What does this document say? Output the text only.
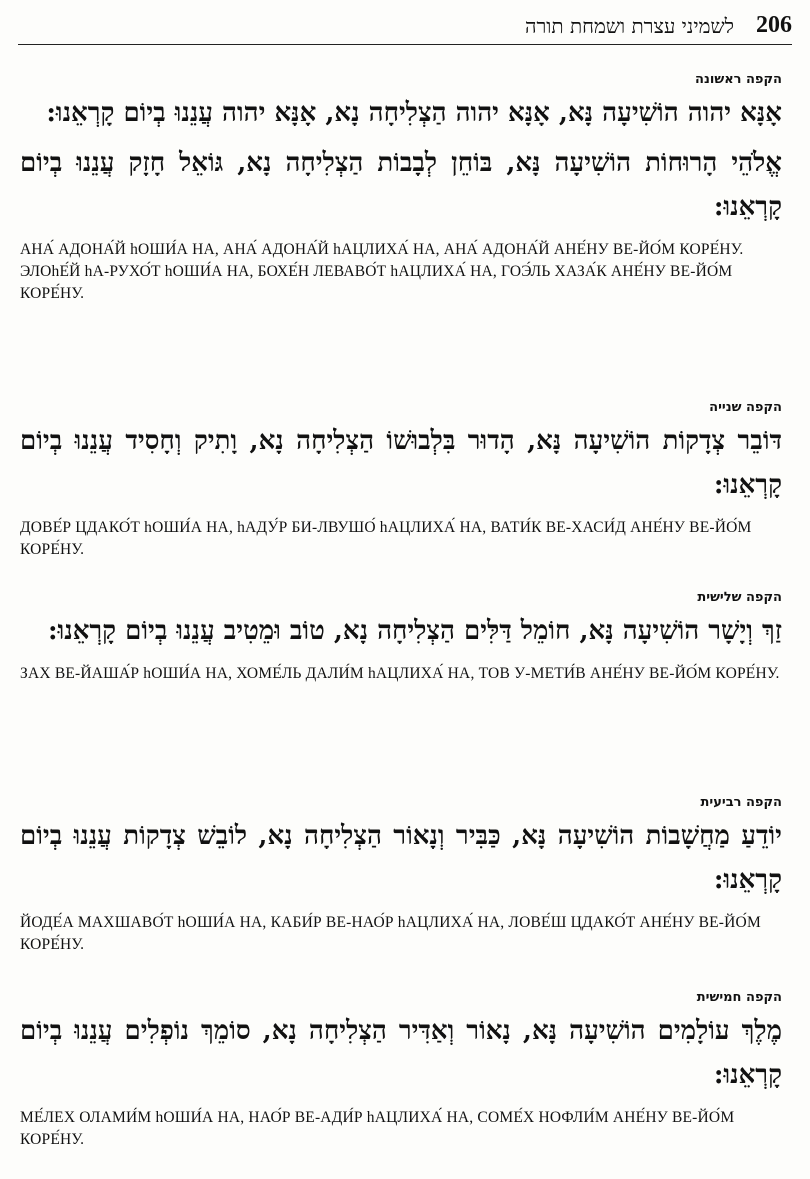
206
לשמיני עצרת ושמחת תורה
הקפה ראשונה
אָנָּא יהוה הוֹשִׁיעָה נָּא, אָנָּא יהוה הַצְלִיחָה נָא, אָנָּא יהוה עֲנֵנוּ בְיוֹם קָרְאֵנוּ:
אֱלֹהֵי הָרוּחוֹת הוֹשִׁיעָה נָּא, בּוֹחֵן לְבָבוֹת הַצְלִיחָה נָא, גּוֹאֵל חָזָק עֲנֵנוּ בְיוֹם קָרְאֵנוּ:
АНА́ АДОНА́Й hОШИ́А НА, АНА́ АДОНА́Й hАЦЛИХА́ НА, АНА́ АДОНА́Й АНЕ́НУ ВЕ-ЙО́М КОРЕ́НУ.
ЭЛОhЕ́Й hА-РУХО́Т hОШИ́А НА, БОХЕ́Н ЛЕВАВО́Т hАЦЛИХА́ НА, ГОЭ́ЛЬ ХАЗА́К АНЕ́НУ ВЕ-ЙО́М КОРЕ́НУ.
הקפה שנייה
דּוֹבֵר צְדָקוֹת הוֹשִׁיעָה נָּא, הָדוּר בִּלְבוּשׁוֹ הַצְלִיחָה נָא, וָתִיק וְחָסִיד עֲנֵנוּ בְיוֹם קָרְאֵנוּ:
ДОВЕ́Р ЦДАКО́Т hОШИ́А НА, hАДУ́Р БИ-ЛВУШО́ hАЦЛИХА́ НА, ВАТИ́К ВЕ-ХАСИ́Д АНЕ́НУ ВЕ-ЙО́М КОРЕ́НУ.
הקפה שלישית
זַךְ וְיָשָׁר הוֹשִׁיעָה נָּא, חוֹמֵל דַּלִּים הַצְלִיחָה נָא, טוֹב וּמֵטִיב עֲנֵנוּ בְיוֹם קָרְאֵנוּ:
ЗАХ ВЕ-ЙАША́Р hОШИ́А НА, ХОМЕ́ЛЬ ДАЛИ́М hАЦЛИХА́ НА, ТОВ У-МЕТИ́В АНЕ́НУ ВЕ-ЙО́М КОРЕ́НУ.
הקפה רביעית
יוֹדֵעַ מַחֲשָׁבוֹת הוֹשִׁיעָה נָּא, כַּבִּיר וְנָאוֹר הַצְלִיחָה נָא, לוֹבֵשׁ צְדָקוֹת עֲנֵנוּ בְיוֹם קָרְאֵנוּ:
ЙОДЕ́А МАХШАВО́Т hОШИ́А НА, КАБИ́Р ВЕ-НАО́Р hАЦЛИХА́ НА, ЛОВЕ́Ш ЦДАКО́Т АНЕ́НУ ВЕ-ЙО́М КОРЕ́НУ.
הקפה חמישית
מֶלֶךְ עוֹלָמִים הוֹשִׁיעָה נָּא, נָאוֹר וְאַדִּיר הַצְלִיחָה נָא, סוֹמֵךְ נוֹפְלִים עֲנֵנוּ בְיוֹם קָרְאֵנוּ:
МЕ́ЛЕХ ОЛАМИ́М hОШИ́А НА, НАО́Р ВЕ-АДИ́Р hАЦЛИХА́ НА, СОМЕ́Х НОФЛИ́М АНЕ́НУ ВЕ-ЙО́М КОРЕ́НУ.
